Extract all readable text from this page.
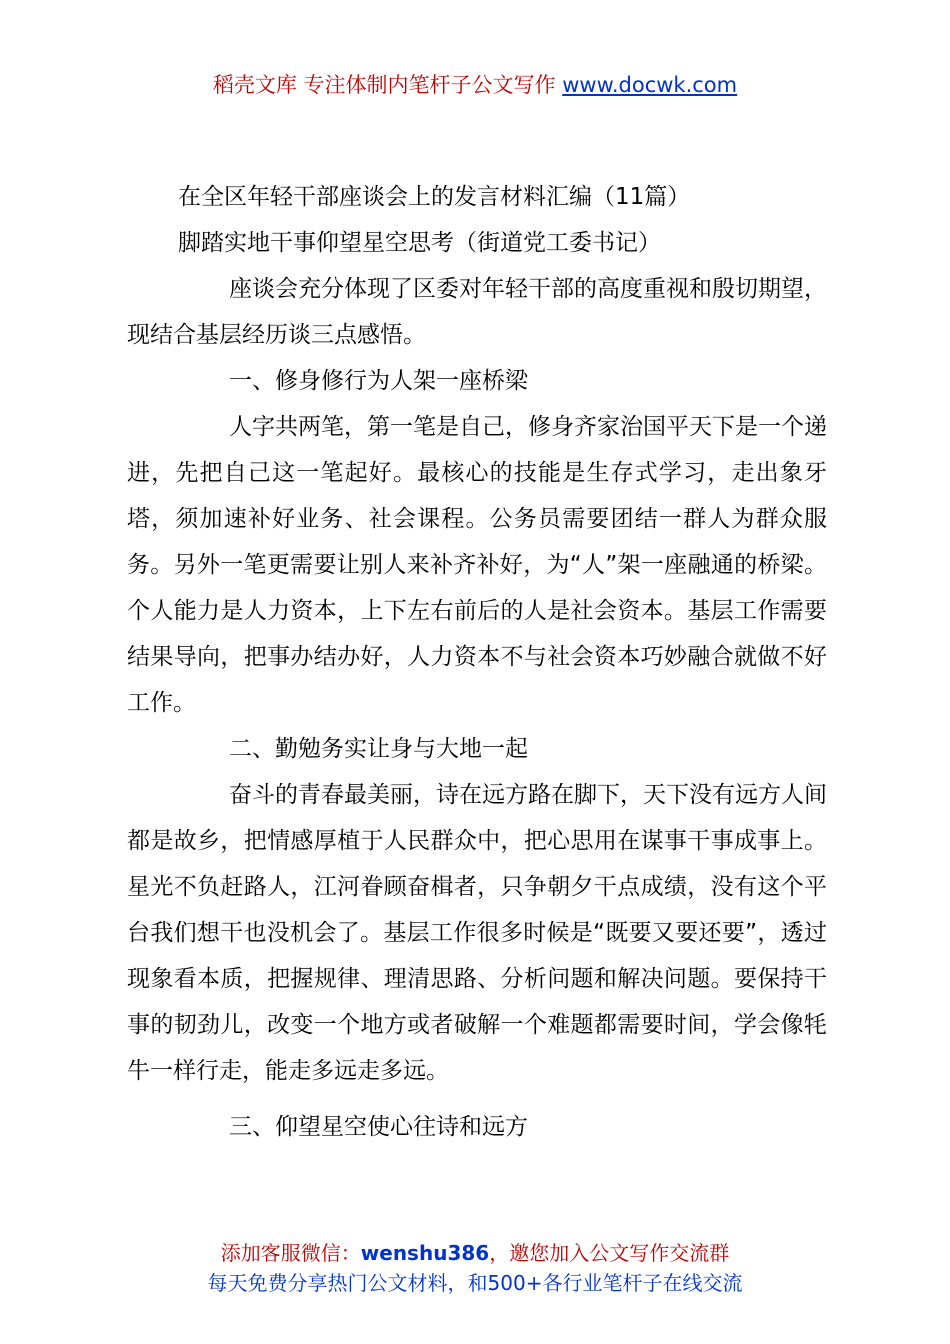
稻壳文库 专注体制内笔杆子公文写作 www.docwk.com
在全区年轻干部座谈会上的发言材料汇编（11篇）
脚踏实地干事仰望星空思考（街道党工委书记）

座谈会充分体现了区委对年轻干部的高度重视和殷切期望，现结合基层经历谈三点感悟。

一、修身修行为人架一座桥梁

人字共两笔，第一笔是自己，修身齐家治国平天下是一个递进，先把自己这一笔起好。最核心的技能是生存式学习，走出象牙塔，须加速补好业务、社会课程。公务员需要团结一群人为群众服务。另外一笔更需要让别人来补齐补好，为“人”架一座融通的桥梁。个人能力是人力资本，上下左右前后的人是社会资本。基层工作需要结果导向，把事办结办好，人力资本不与社会资本巧妙融合就做不好工作。

二、勤勉务实让身与大地一起

奋斗的青春最美丽，诗在远方路在脚下，天下没有远方人间都是故乡，把情感厚植于人民群众中，把心思用在谋事干事成事上。星光不负赶路人，江河眷顾奋楫者，只争朝夕干点成绩，没有这个平台我们想干也没机会了。基层工作很多时候是“既要又要还要”，透过现象看本质，把握规律、理清思路、分析问题和解决问题。要保持干事的韧劲儿，改变一个地方或者破解一个难题都需要时间，学会像牦牛一样行走，能走多远走多远。

三、仰望星空使心往诗和远方
添加客服微信：wenshu386，邀您加入公文写作交流群
每天免费分享热门公文材料，和500+各行业笔杆子在线交流
